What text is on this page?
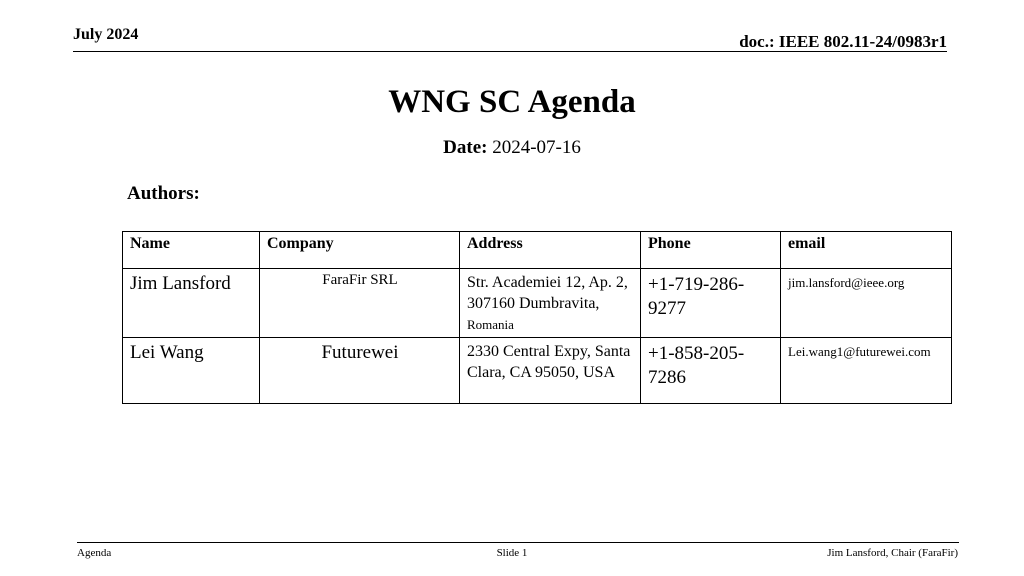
July 2024	doc.: IEEE 802.11-24/0983r1
WNG SC Agenda
Date: 2024-07-16
Authors:
Name	Company	Address	Phone	email
Jim Lansford	FaraFir SRL	Str. Academiei 12, Ap. 2, 307160 Dumbravita, Romania	+1-719-286-9277	jim.lansford@ieee.org
Lei Wang	Futurewei	2330 Central Expy, Santa Clara, CA 95050, USA	+1-858-205-7286	Lei.wang1@futurewei.com
Agenda	Slide 1	Jim Lansford, Chair (FaraFir)
